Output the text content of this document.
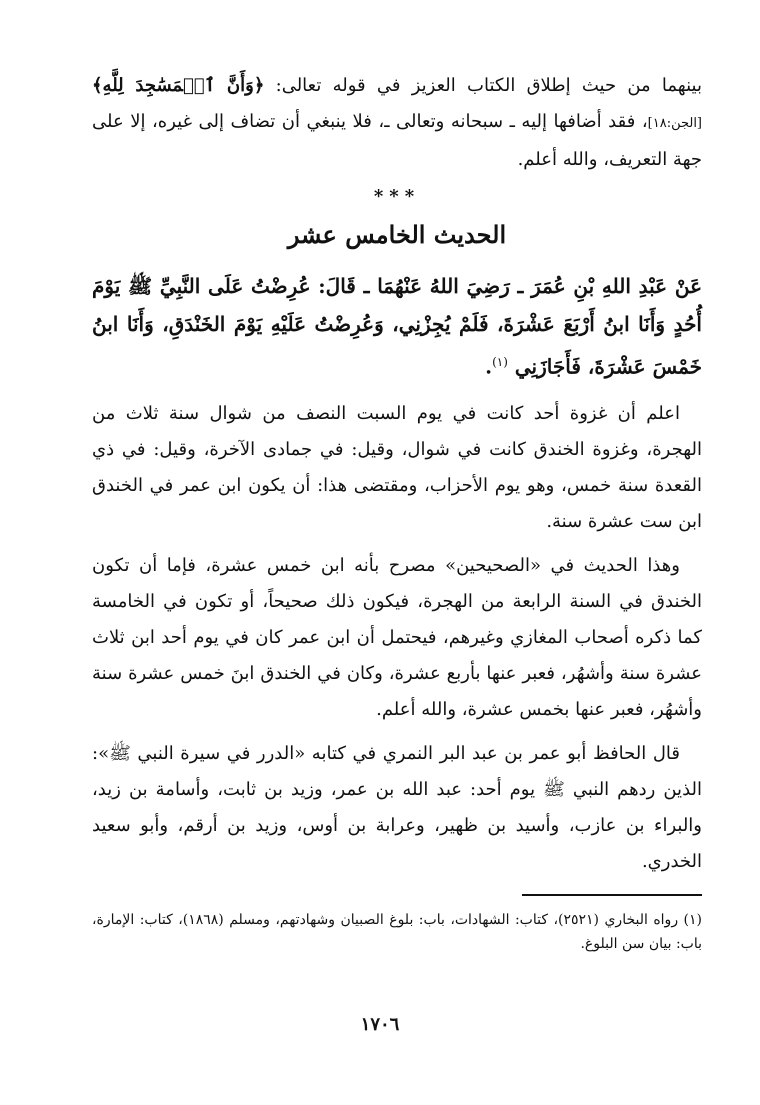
بينهما من حيث إطلاق الكتاب العزيز في قوله تعالى: ﴿وَأَنَّ ٱلۡمَسَٰجِدَ لِلَّهِ﴾ [الجن:١٨]، فقد أضافها إليه ـ سبحانه وتعالى ـ، فلا ينبغي أن تضاف إلى غيره، إلا على جهة التعريف، والله أعلم.

***
الحديث الخامس عشر

عَنْ عَبْدِ اللهِ بْنِ عُمَرَ ـ رَضِيَ اللهُ عَنْهُمَا ـ قَالَ: عُرِضْتُ عَلَى النَّبِيِّ ﷺ يَوْمَ أُحُدٍ وَأَنَا ابنُ أَرْبَعَ عَشْرَةَ، فَلَمْ يُجِزْنِي، وَعُرِضْتُ عَلَيْهِ يَوْمَ الخَنْدَقِ، وَأَنَا ابنُ خَمْسَ عَشْرَةَ، فَأَجَازَنِي $^{(١)}$.

اعلم أن غزوة أحد كانت في يوم السبت النصف من شوال سنة ثلاث من الهجرة، وغزوة الخندق كانت في شوال، وقيل: في جمادى الآخرة، وقيل: في ذي القعدة سنة خمس، وهو يوم الأحزاب، ومقتضى هذا: أن يكون ابن عمر في الخندق ابن ست عشرة سنة.

وهذا الحديث في «الصحيحين» مصرح بأنه ابن خمس عشرة، فإما أن تكون الخندق في السنة الرابعة من الهجرة، فيكون ذلك صحيحاً، أو تكون في الخامسة كما ذكره أصحاب المغازي وغيرهم، فيحتمل أن ابن عمر كان في يوم أحد ابن ثلاث عشرة سنة وأشهُر، فعبر عنها بأربع عشرة، وكان في الخندق ابنَ خمس عشرة سنة وأشهُر، فعبر عنها بخمس عشرة، والله أعلم.

قال الحافظ أبو عمر بن عبد البر النمري في كتابه «الدرر في سيرة النبي ﷺ»: الذين ردهم النبي ﷺ يوم أحد: عبد الله بن عمر، وزيد بن ثابت، وأسامة بن زيد، والبراء بن عازب، وأسيد بن ظهير، وعرابة بن أوس، وزيد بن أرقم، وأبو سعيد الخدري.

(١) رواه البخاري (٢٥٢١)، كتاب: الشهادات، باب: بلوغ الصبيان وشهادتهم، ومسلم (١٨٦٨)، كتاب: الإمارة، باب: بيان سن البلوغ.

١٧٠٦
